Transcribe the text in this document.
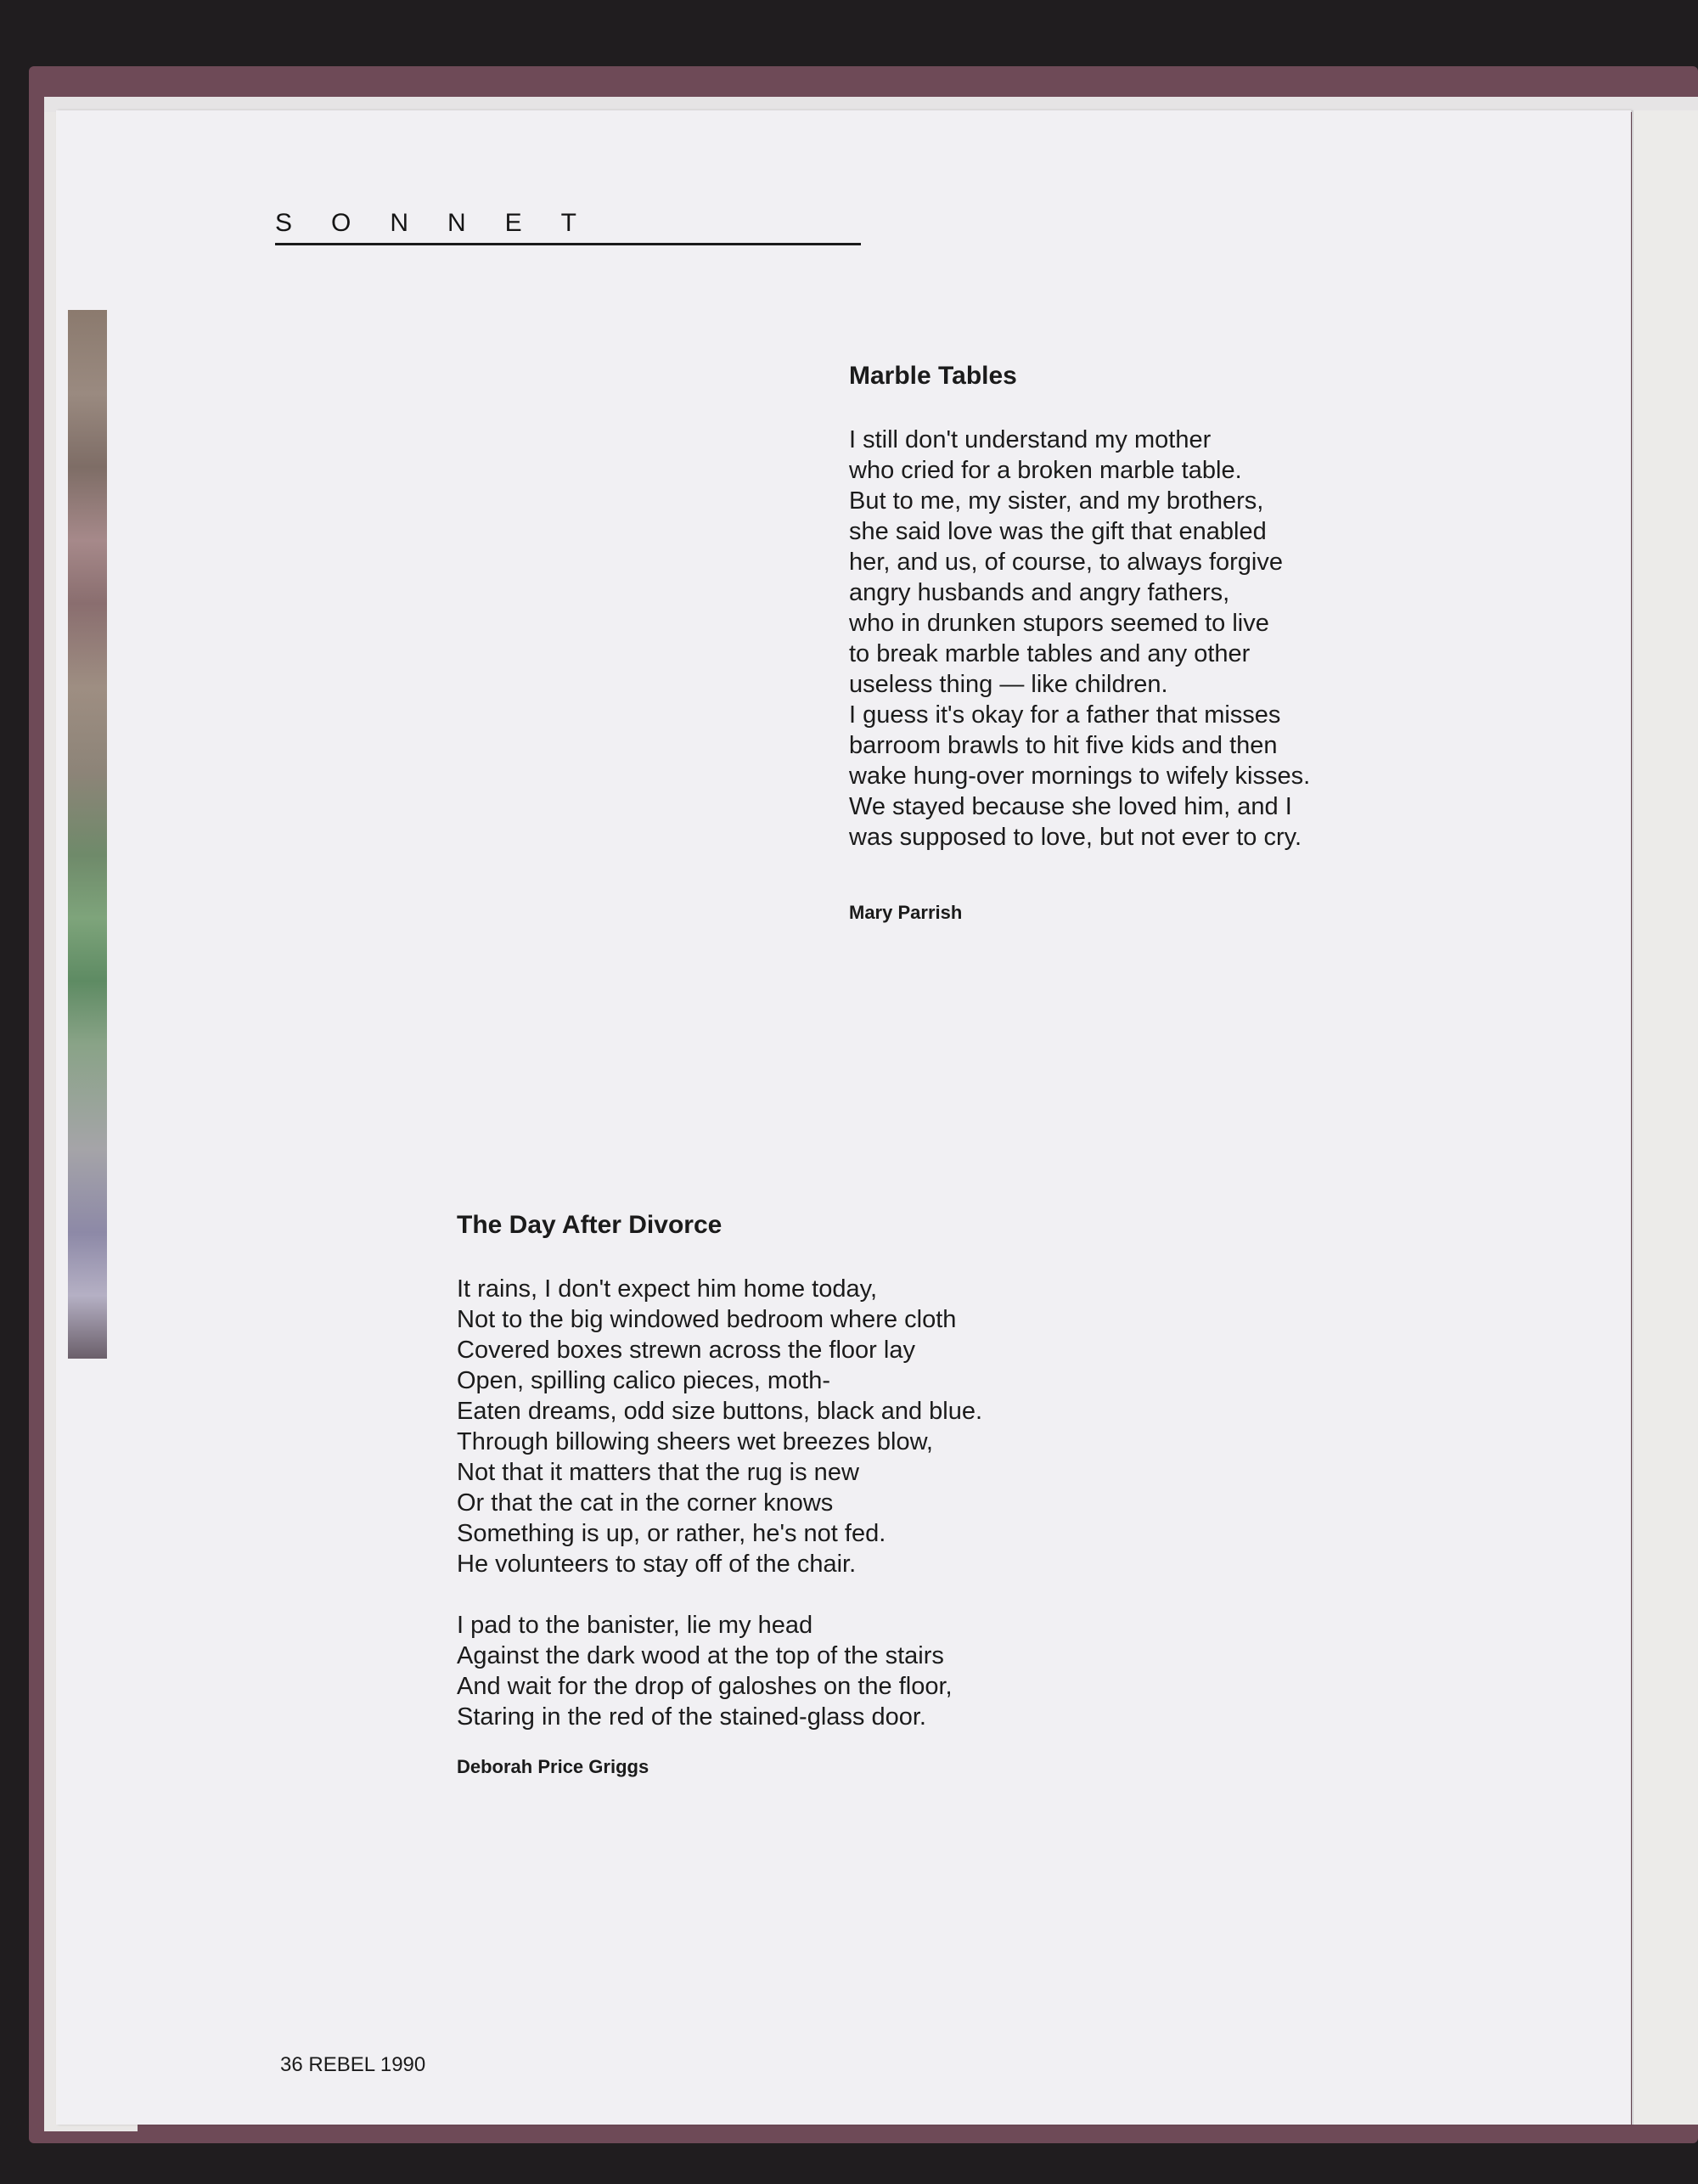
SONNET
Marble Tables
I still don't understand my mother
who cried for a broken marble table.
But to me, my sister, and my brothers,
she said love was the gift that enabled
her, and us, of course, to always forgive
angry husbands and angry fathers,
who in drunken stupors seemed to live
to break marble tables and any other
useless thing — like children.
I guess it's okay for a father that misses
barroom brawls to hit five kids and then
wake hung-over mornings to wifely kisses.
We stayed because she loved him, and I
was supposed to love, but not ever to cry.

Mary Parrish

The Day After Divorce
It rains, I don't expect him home today,
Not to the big windowed bedroom where cloth
Covered boxes strewn across the floor lay
Open, spilling calico pieces, moth-
Eaten dreams, odd size buttons, black and blue.
Through billowing sheers wet breezes blow,
Not that it matters that the rug is new
Or that the cat in the corner knows
Something is up, or rather, he's not fed.
He volunteers to stay off of the chair.
I pad to the banister, lie my head
Against the dark wood at the top of the stairs
And wait for the drop of galoshes on the floor,
Staring in the red of the stained-glass door.

Deborah Price Griggs

36 REBEL 1990
